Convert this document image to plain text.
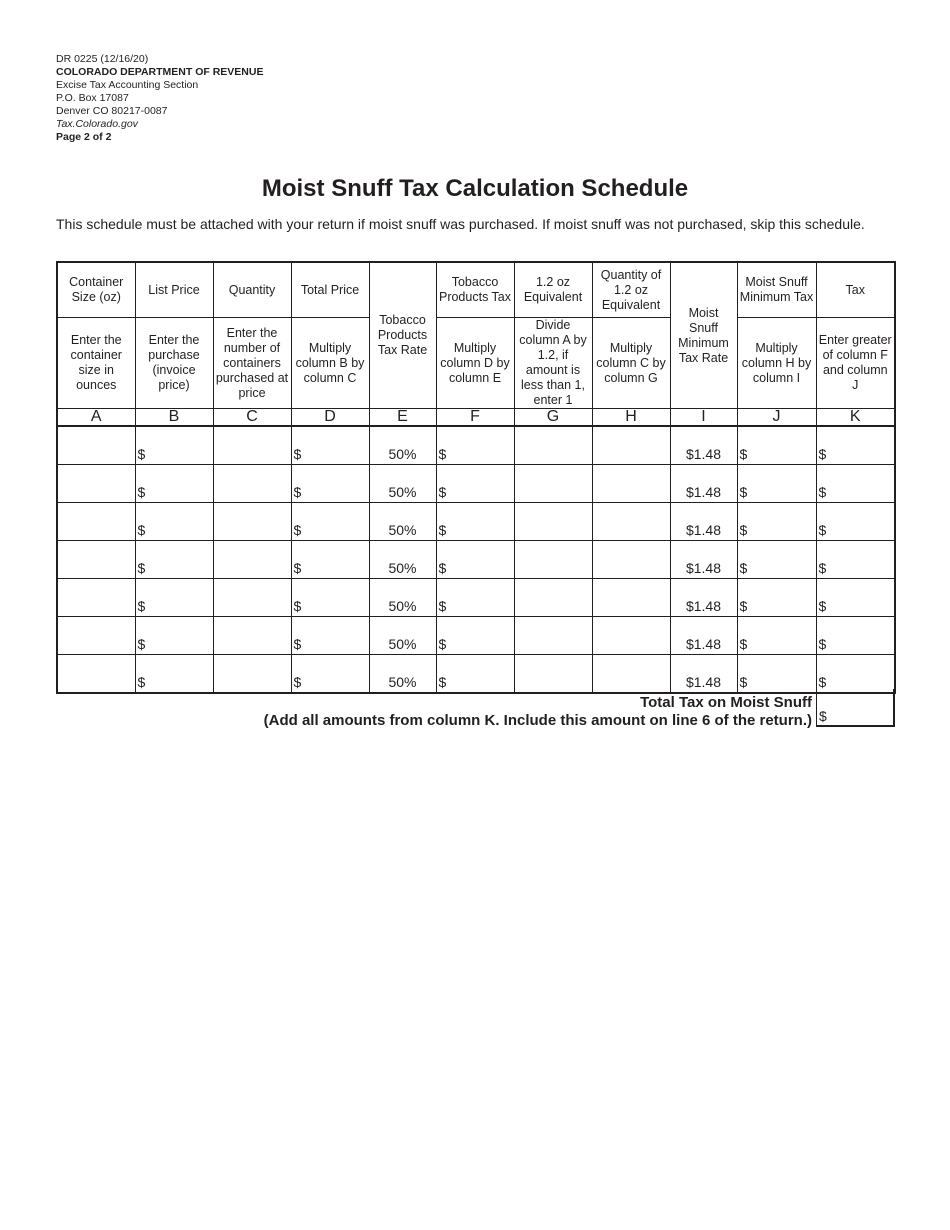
DR 0225 (12/16/20)
COLORADO DEPARTMENT OF REVENUE
Excise Tax Accounting Section
P.O. Box 17087
Denver CO 80217-0087
Tax.Colorado.gov
Page 2 of 2
Moist Snuff Tax Calculation Schedule
This schedule must be attached with your return if moist snuff was purchased. If moist snuff was not purchased, skip this schedule.
Container Size (oz)	List Price	Quantity	Total Price	Tobacco Products Tax Rate	Tobacco Products Tax	1.2 oz Equivalent	Quantity of 1.2 oz Equivalent	Moist Snuff Minimum Tax Rate	Moist Snuff Minimum Tax	Tax
Enter the container size in ounces	Enter the purchase (invoice price)	Enter the number of containers purchased at price	Multiply column B by column C		Multiply column D by column E	Divide column A by 1.2, if amount is less than 1, enter 1	Multiply column C by column G		Multiply column H by column I	Enter greater of column F and column J
A	B	C	D	E	F	G	H	I	J	K
	$		$	50%	$			$1.48	$	$
	$		$	50%	$			$1.48	$	$
	$		$	50%	$			$1.48	$	$
	$		$	50%	$			$1.48	$	$
	$		$	50%	$			$1.48	$	$
	$		$	50%	$			$1.48	$	$
	$		$	50%	$			$1.48	$	$
Total Tax on Moist Snuff
(Add all amounts from column K. Include this amount on line 6 of the return.) $
